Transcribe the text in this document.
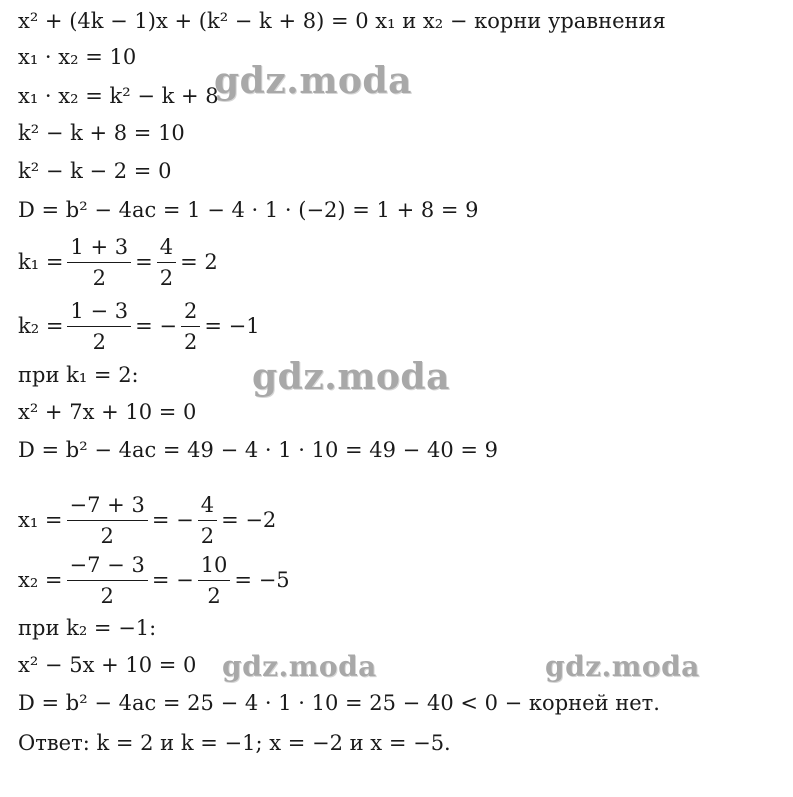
x² + (4k − 1)x + (k² − k + 8) = 0 x₁ и x₂ − корни уравнения
x₁ · x₂ = 10
x₁ · x₂ = k² − k + 8
k² − k + 8 = 10
k² − k − 2 = 0
D = b² − 4ac = 1 − 4 · 1 · (−2) = 1 + 8 = 9
$k_1 = \frac{1 + 3}{2} = \frac{4}{2} = 2$
$k_2 = \frac{1 - 3}{2}$ = − $\frac{2}{2} = -1$
при k₁ = 2:
x² + 7x + 10 = 0
D = b² − 4ac = 49 − 4 · 1 · 10 = 49 − 40 = 9
$x_1 = \frac{-7 + 3}{2}$ = − $\frac{4}{2} = -2$
$x_2 = \frac{-7 - 3}{2}$ = − $\frac{10}{2} = -5$
при k₂ = −1:
x² − 5x + 10 = 0
D = b² − 4ac = 25 − 4 · 1 · 10 = 25 − 40 < 0 − корней нет.
Ответ: k = 2 и k = −1; x = −2 и x = −5.
gdz.moda
gdz.moda
gdz.moda	gdz.moda
